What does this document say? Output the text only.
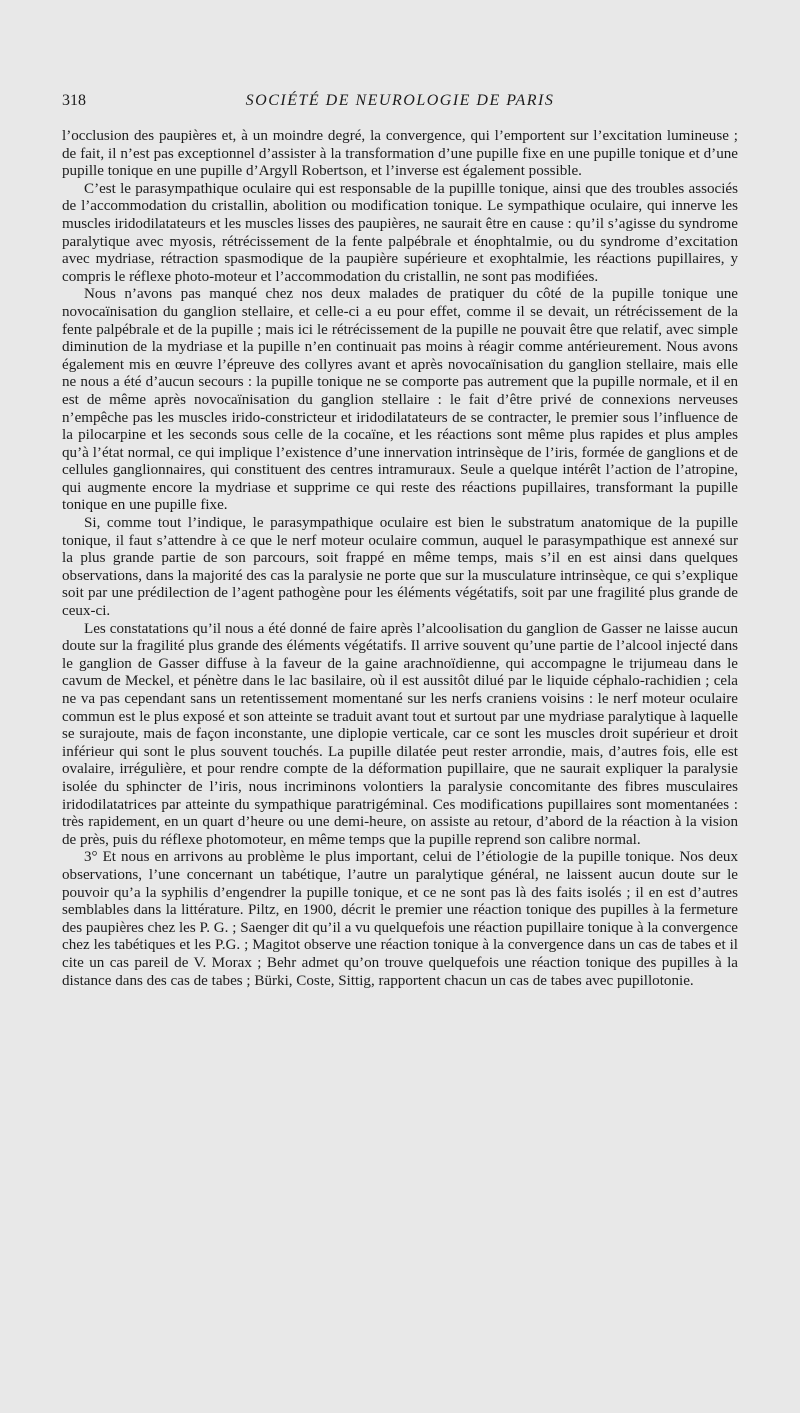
318	SOCIÉTÉ DE NEUROLOGIE DE PARIS

l’occlusion des paupières et, à un moindre degré, la convergence, qui l’emportent sur l’excitation lumineuse ; de fait, il n’est pas exceptionnel d’assister à la transformation d’une pupille fixe en une pupille tonique et d’une pupille tonique en une pupille d’Argyll Robertson, et l’inverse est également possible.

C’est le parasympathique oculaire qui est responsable de la pupillle tonique, ainsi que des troubles associés de l’accommodation du cristallin, abolition ou modification tonique. Le sympathique oculaire, qui innerve les muscles iridodilatateurs et les muscles lisses des paupières, ne saurait être en cause : qu’il s’agisse du syndrome paralytique avec myosis, rétrécissement de la fente palpébrale et énophtalmie, ou du syndrome d’excitation avec mydriase, rétraction spasmodique de la paupière supérieure et exophtalmie, les réactions pupillaires, y compris le réflexe photo-moteur et l’accommodation du cristallin, ne sont pas modifiées.

Nous n’avons pas manqué chez nos deux malades de pratiquer du côté de la pupille tonique une novocaïnisation du ganglion stellaire, et celle-ci a eu pour effet, comme il se devait, un rétrécissement de la fente palpébrale et de la pupille ; mais ici le rétrécissement de la pupille ne pouvait être que relatif, avec simple diminution de la mydriase et la pupille n’en continuait pas moins à réagir comme antérieurement. Nous avons également mis en œuvre l’épreuve des collyres avant et après novocaïnisation du ganglion stellaire, mais elle ne nous a été d’aucun secours : la pupille tonique ne se comporte pas autrement que la pupille normale, et il en est de même après novocaïnisation du ganglion stellaire : le fait d’être privé de connexions nerveuses n’empêche pas les muscles irido-constricteur et iridodilatateurs de se contracter, le premier sous l’influence de la pilocarpine et les seconds sous celle de la cocaïne, et les réactions sont même plus rapides et plus amples qu’à l’état normal, ce qui implique l’existence d’une innervation intrinsèque de l’iris, formée de ganglions et de cellules ganglionnaires, qui constituent des centres intramuraux. Seule a quelque intérêt l’action de l’atropine, qui augmente encore la mydriase et supprime ce qui reste des réactions pupillaires, transformant la pupille tonique en une pupille fixe.

Si, comme tout l’indique, le parasympathique oculaire est bien le substratum anatomique de la pupille tonique, il faut s’attendre à ce que le nerf moteur oculaire commun, auquel le parasympathique est annexé sur la plus grande partie de son parcours, soit frappé en même temps, mais s’il en est ainsi dans quelques observations, dans la majorité des cas la paralysie ne porte que sur la musculature intrinsèque, ce qui s’explique soit par une prédilection de l’agent pathogène pour les éléments végétatifs, soit par une fragilité plus grande de ceux-ci.

Les constatations qu’il nous a été donné de faire après l’alcoolisation du ganglion de Gasser ne laisse aucun doute sur la fragilité plus grande des éléments végétatifs. Il arrive souvent qu’une partie de l’alcool injecté dans le ganglion de Gasser diffuse à la faveur de la gaine arachnoïdienne, qui accompagne le trijumeau dans le cavum de Meckel, et pénètre dans le lac basilaire, où il est aussitôt dilué par le liquide céphalo-rachidien ; cela ne va pas cependant sans un retentissement momentané sur les nerfs craniens voisins : le nerf moteur oculaire commun est le plus exposé et son atteinte se traduit avant tout et surtout par une mydriase paralytique à laquelle se surajoute, mais de façon inconstante, une diplopie verticale, car ce sont les muscles droit supérieur et droit inférieur qui sont le plus souvent touchés. La pupille dilatée peut rester arrondie, mais, d’autres fois, elle est ovalaire, irrégulière, et pour rendre compte de la déformation pupillaire, que ne saurait expliquer la paralysie isolée du sphincter de l’iris, nous incriminons volontiers la paralysie concomitante des fibres musculaires iridodilatatrices par atteinte du sympathique paratrigéminal. Ces modifications pupillaires sont momentanées : très rapidement, en un quart d’heure ou une demi-heure, on assiste au retour, d’abord de la réaction à la vision de près, puis du réflexe photomoteur, en même temps que la pupille reprend son calibre normal.

3° Et nous en arrivons au problème le plus important, celui de l’étiologie de la pupille tonique. Nos deux observations, l’une concernant un tabétique, l’autre un paralytique général, ne laissent aucun doute sur le pouvoir qu’a la syphilis d’engendrer la pupille tonique, et ce ne sont pas là des faits isolés ; il en est d’autres semblables dans la littérature. Piltz, en 1900, décrit le premier une réaction tonique des pupilles à la fermeture des paupières chez les P. G. ; Saenger dit qu’il a vu quelquefois une réaction pupillaire tonique à la convergence chez les tabétiques et les P.G. ; Magitot observe une réaction tonique à la convergence dans un cas de tabes et il cite un cas pareil de V. Morax ; Behr admet qu’on trouve quelquefois une réaction tonique des pupilles à la distance dans des cas de tabes ; Bürki, Coste, Sittig, rapportent chacun un cas de tabes avec pupillotonie.
